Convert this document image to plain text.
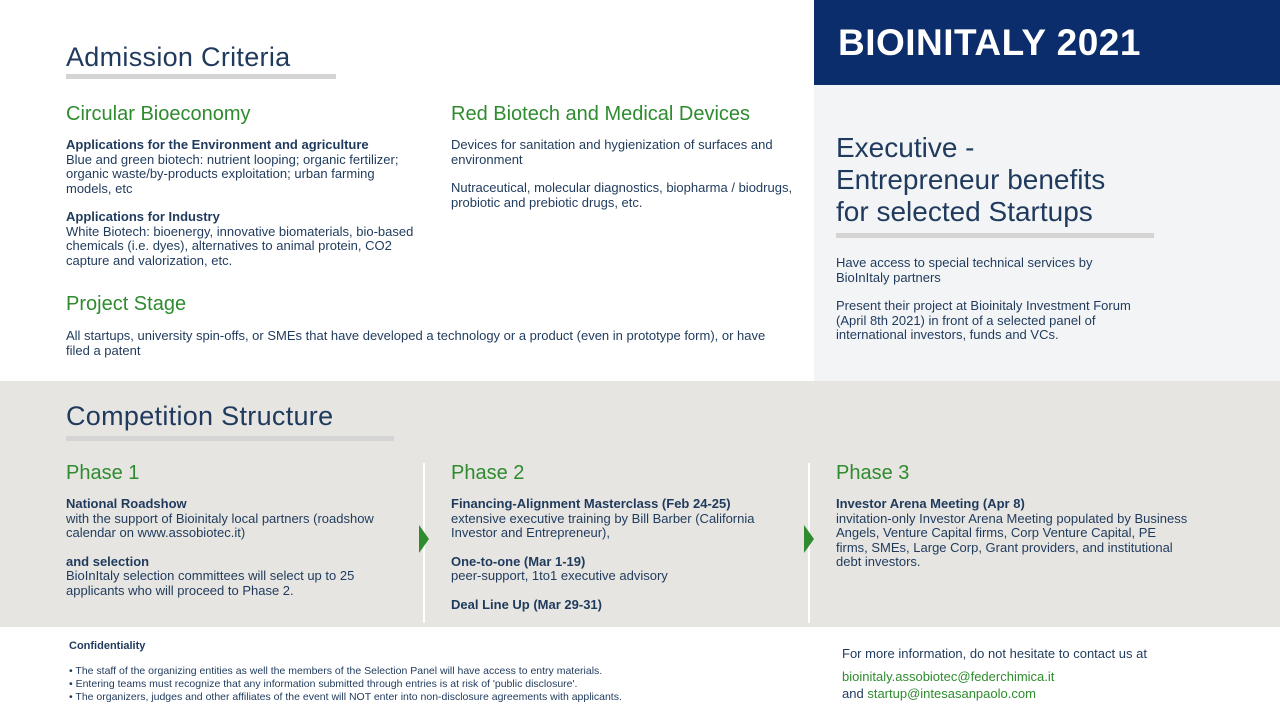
BIOINITALY 2021
Executive -
Entrepreneur benefits
for selected Startups

Have access to special technical services by BioInItaly partners

Present their project at Bioinitaly Investment Forum (April 8th 2021) in front of a selected panel of international investors, funds and VCs.

Admission Criteria
Circular Bioeconomy
Applications for the Environment and agriculture

Blue and green biotech: nutrient looping; organic fertilizer; organic waste/by-products exploitation; urban farming models, etc

Applications for Industry

White Biotech: bioenergy, innovative biomaterials, bio-based chemicals (i.e. dyes), alternatives to animal protein, CO2 capture and valorization, etc.

Red Biotech and Medical Devices

Devices for sanitation and hygienization of surfaces and environment

Nutraceutical, molecular diagnostics, biopharma / biodrugs, probiotic and prebiotic drugs, etc.

Project Stage
All startups, university spin-offs, or SMEs that have developed a technology or a product (even in prototype form), or have filed a patent
Competition Structure
Phase 1
National Roadshow

with the support of Bioinitaly local partners (roadshow calendar on www.assobiotec.it)

and selection

BioInItaly selection committees will select up to 25 applicants who will proceed to Phase 2.

Phase 2
Financing-Alignment Masterclass (Feb 24-25)

extensive executive training by Bill Barber (California Investor and Entrepreneur),

One-to-one (Mar 1-19)

peer-support, 1to1 executive advisory

Deal Line Up (Mar 29-31)
Phase 3
Investor Arena Meeting (Apr 8)

invitation-only Investor Arena Meeting populated by Business Angels, Venture Capital firms, Corp Venture Capital, PE firms, SMEs, Large Corp, Grant providers, and institutional debt investors.

Confidentiality
• The staff of the organizing entities as well the members of the Selection Panel will have access to entry materials.
• Entering teams must recognize that any information submitted through entries is at risk of 'public disclosure'.
• The organizers, judges and other affiliates of the event will NOT enter into non-disclosure agreements with applicants.
For more information, do not hesitate to contact us at
bioinitaly.assobiotec@federchimica.it
and startup@intesasanpaolo.com
